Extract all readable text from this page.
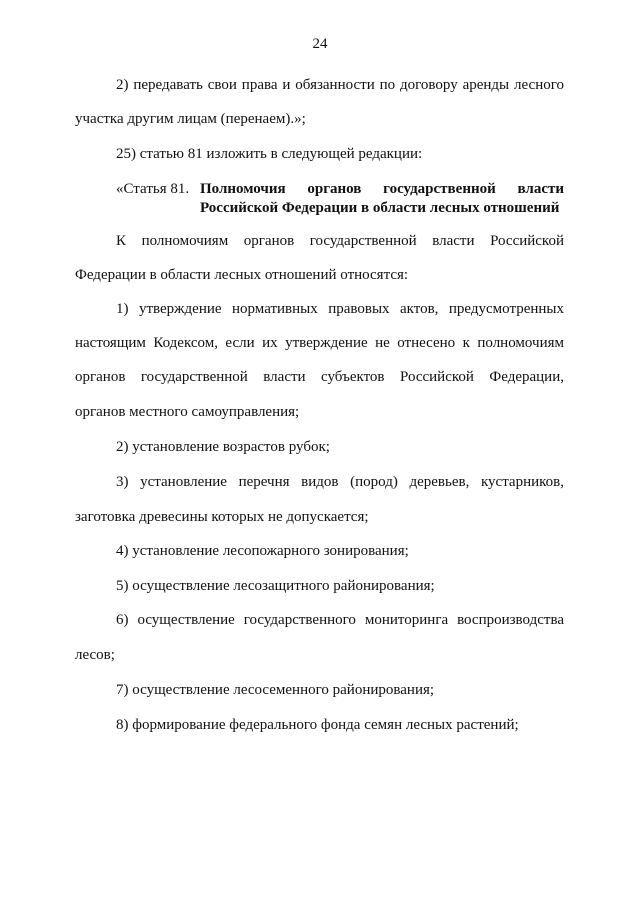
24
2) передавать свои права и обязанности по договору аренды лесного
участка другим лицам (перенаем).»;
25) статью 81 изложить в следующей редакции:
«Статья 81. Полномочия органов государственной власти
Российской Федерации в области лесных отношений
К полномочиям органов государственной власти Российской
Федерации в области лесных отношений относятся:
1) утверждение нормативных правовых актов, предусмотренных
настоящим Кодексом, если их утверждение не отнесено к полномочиям
органов государственной власти субъектов Российской Федерации,
органов местного самоуправления;
2) установление возрастов рубок;
3) установление перечня видов (пород) деревьев, кустарников,
заготовка древесины которых не допускается;
4) установление лесопожарного зонирования;
5) осуществление лесозащитного районирования;
6) осуществление государственного мониторинга воспроизводства
лесов;
7) осуществление лесосеменного районирования;
8) формирование федерального фонда семян лесных растений;
